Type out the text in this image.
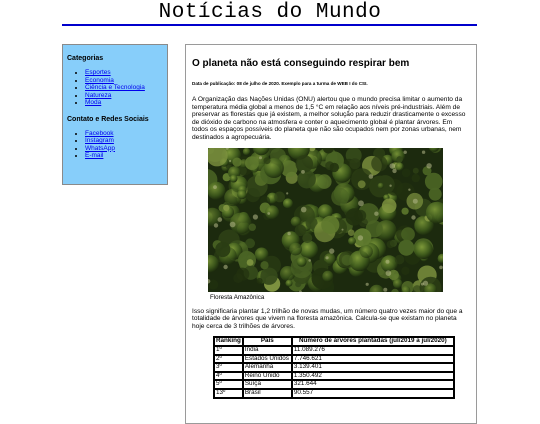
Notícias do Mundo
Categorias
• Esportes
• Economia
• Ciência e Tecnologia
• Natureza
• Moda
Contato e Redes Sociais
• Facebook
• Instagram
• WhatsApp
• E-mail
O planeta não está conseguindo respirar bem

Data de publicação: 08 de julho de 2020. Exemplo para a turma de WEB I do CSI.

A Organização das Nações Unidas (ONU) alertou que o mundo precisa limitar o aumento da temperatura média global a menos de 1,5 °C em relação aos níveis pré-industriais. Além de preservar as florestas que já existem, a melhor solução para reduzir drasticamente o excesso de dióxido de carbono na atmosfera e conter o aquecimento global é plantar árvores. Em todos os espaços possíveis do planeta que não são ocupados nem por zonas urbanas, nem destinados a agropecuária.

Floresta Amazônica

Isso significaria plantar 1,2 trilhão de novas mudas, um número quatro vezes maior do que a totalidade de árvores que vivem na floresta amazônica. Calcula-se que existam no planeta hoje cerca de 3 trilhões de árvores.

Ranking	País	Número de árvores plantadas (jul/2019 a jul/2020)
1º	Índia	11.089.276
2º	Estados Unidos	7.746.621
3º	Alemanha	3.139.401
4º	Reino Unido	1.350.492
5º	Suíça	321.644
13º	Brasil	90.557
